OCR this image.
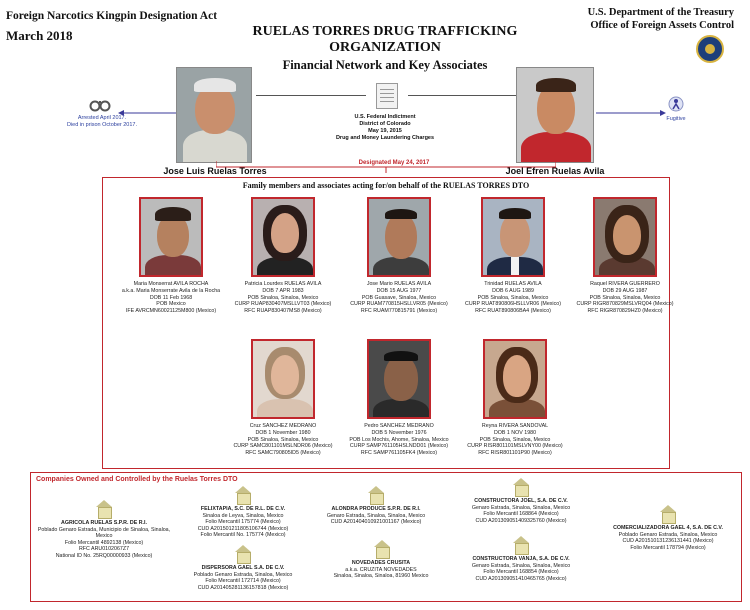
Foreign Narcotics Kingpin Designation Act
March 2018	RUELAS TORRES DRUG TRAFFICKING ORGANIZATION
Financial Network and Key Associates
U.S. Department of the Treasury
Office of Foreign Assets Control
Arrested April 2017.
Died in prison October 2017.
Jose Luis Ruelas Torres
U.S. Federal Indictment
District of Colorado
May 19, 2015
Drug and Money Laundering Charges
Joel Efren Ruelas Avila
Fugitive
Designated May 24, 2017
Family members and associates acting for/on behalf of the RUELAS TORRES DTO
Maria Monserrat AVILA ROCHA
a.k.a. Maria Monserrate Avila de la Rocha
DOB 11 Feb 1968
POB Mexico
IFE AVRCMN60021125M800 (Mexico)
Patricia Lourdes RUELAS AVILA
DOB 7 APR 1983
POB Sinaloa, Sinaloa, Mexico
CURP RUAP830407MSLLVT03 (Mexico)
RFC RUAP830407MS8 (Mexico)
Jose Mario RUELAS AVILA
DOB 15 AUG 1977
POB Guasave, Sinaloa, Mexico
CURP RUAM770815HSLLVR05 (Mexico)
RFC RUAM770815791 (Mexico)
Trinidad RUELAS AVILA
DOB 6 AUG 1989
POB Sinaloa, Sinaloa, Mexico
CURP RUAT890806HSLLVR06 (Mexico)
RFC RUAT890806BA4 (Mexico)
Raquel RIVERA GUERRERO
DOB 29 AUG 1987
POB Sinaloa, Sinaloa, Mexico
CURP RIGR870829MSLVRQ04 (Mexico)
RFC RIGR870829HZ0 (Mexico)
Cruz SANCHEZ MEDRANO
DOB 1 November 1980
POB Sinaloa, Sinaloa, Mexico
CURP SAMC801101MSLNDR06 (Mexico)
RFC SAMC790805ID5 (Mexico)
Pedro SANCHEZ MEDRANO
DOB 5 November 1976
POB Los Mochis, Ahome, Sinaloa, Mexico
CURP SAMP761105HSLNDD01 (Mexico)
RFC SAMP761105FK4 (Mexico)
Reyna RIVERA SANDOVAL
DOB 1 NOV 1980
POB Sinaloa, Sinaloa, Mexico
CURP RISR801101MSLVNY00 (Mexico)
RFC RISR801101P90 (Mexico)
Companies Owned and Controlled by the Ruelas Torres DTO
AGRICOLA RUELAS S.P.R. DE R.I.
Poblado Genaro Estrada, Municipio de Sinaloa, Sinaloa, Mexico
Folio Mercantil 4892138 (Mexico)
RFC ARU0102067Z7
National ID No. 25RQ00000933 (Mexico)
FELIXTAPIA, S.C. DE R.L. DE C.V.
Sinaloa de Leyva, Sinaloa, Mexico
Folio Mercantil 175774 (Mexico)
CUD A201501211805106744 (Mexico)
Folio Mercantil No. 175774 (Mexico)
DISPERSORA GAEL S.A. DE C.V.
Poblado Genaro Estrada, Sinaloa, Mexico
Folio Mercantil 172714 (Mexico)
CUD A201405281136157818 (Mexico)
ALONDRA PRODUCE S.P.R. DE R.I.
Genaro Estrada, Sinaloa, Sinaloa, Mexico
CUD A201404010921001167 (Mexico)
NOVEDADES CRUSITA
a.k.a. CRUZITA NOVEDADES
Sinaloa, Sinaloa, Sinaloa, 81960 Mexico
CONSTRUCTORA JOEL, S.A. DE C.V.
Genaro Estrada, Sinaloa, Sinaloa, Mexico
Folio Mercantil 168864 (Mexico)
CUD A201309051409325760 (Mexico)
CONSTRUCTORA VANJA, S.A. DE C.V.
Genaro Estrada, Sinaloa, Sinaloa, Mexico
Folio Mercantil 168854 (Mexico)
CUD A201309051410465765 (Mexico)
COMERCIALIZADORA GAEL 4, S.A. DE C.V.
Poblado Genaro Estrada, Sinaloa, Mexico
CUD A201510131236131441 (Mexico)
Folio Mercantil 178794 (Mexico)
